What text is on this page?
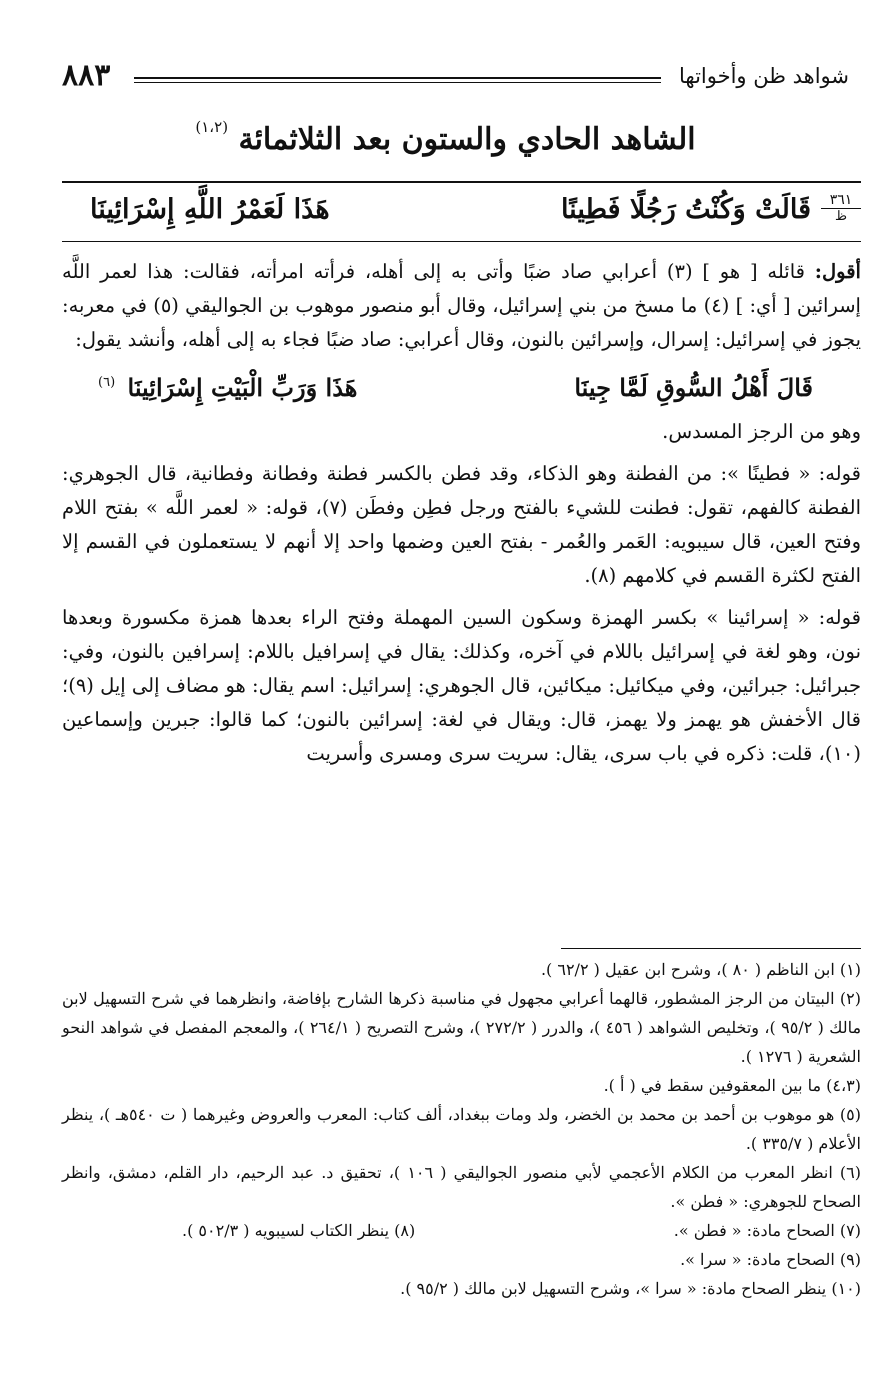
شواهد ظن وأخواتها
٨٨٣
الشاهد الحادي والستون بعد الثلاثمائة $^{(١،٢)}$
٣٦١
ظ
قَالَتْ وَكُنْتُ رَجُلًا فَطِينًا
هَذَا لَعَمْرُ اللَّهِ إِسْرَائِينَا

أقول: قائله [ هو ] (٣) أعرابي صاد ضبًا وأتى به إلى أهله، فرأته امرأته، فقالت: هذا لعمر اللَّه إسرائين [ أي: ] (٤) ما مسخ من بني إسرائيل، وقال أبو منصور موهوب بن الجواليقي (٥) في معربه: يجوز في إسرائيل: إسرال، وإسرائين بالنون، وقال أعرابي: صاد ضبًا فجاء به إلى أهله، وأنشد يقول:

قَالَ أَهْلُ السُّوقِ لَمَّا جِينَا
هَذَا وَرَبِّ الْبَيْتِ إِسْرَائِينَا $^{(٦)}$

وهو من الرجز المسدس.

قوله: « فطينًا »: من الفطنة وهو الذكاء، وقد فطن بالكسر فطنة وفطانة وفطانية، قال الجوهري: الفطنة كالفهم، تقول: فطنت للشيء بالفتح ورجل فطِن وفطَن (٧)، قوله: « لعمر اللَّه » بفتح اللام وفتح العين، قال سيبويه: العَمر والعُمر - بفتح العين وضمها واحد إلا أنهم لا يستعملون في القسم إلا الفتح لكثرة القسم في كلامهم (٨).

قوله: « إسرائينا » بكسر الهمزة وسكون السين المهملة وفتح الراء بعدها همزة مكسورة وبعدها نون، وهو لغة في إسرائيل باللام في آخره، وكذلك: يقال في إسرافيل باللام: إسرافين بالنون، وفي: جبرائيل: جبرائين، وفي ميكائيل: ميكائين، قال الجوهري: إسرائيل: اسم يقال: هو مضاف إلى إيل (٩)؛ قال الأخفش هو يهمز ولا يهمز، قال: ويقال في لغة: إسرائين بالنون؛ كما قالوا: جبرين وإسماعين (١٠)، قلت: ذكره في باب سرى، يقال: سريت سرى ومسرى وأسريت

(١) ابن الناظم ( ٨٠ )، وشرح ابن عقيل ( ٦٢/٢ ).

(٢) البيتان من الرجز المشطور، قالهما أعرابي مجهول في مناسبة ذكرها الشارح بإفاضة، وانظرهما في شرح التسهيل لابن مالك ( ٩٥/٢ )، وتخليص الشواهد ( ٤٥٦ )، والدرر ( ٢٧٢/٢ )، وشرح التصريح ( ٢٦٤/١ )، والمعجم المفصل في شواهد النحو الشعرية ( ١٢٧٦ ).

(٤،٣) ما بين المعقوفين سقط في ( أ ).

(٥) هو موهوب بن أحمد بن محمد بن الخضر، ولد ومات ببغداد، ألف كتاب: المعرب والعروض وغيرهما ( ت ٥٤٠هـ )، ينظر الأعلام ( ٣٣٥/٧ ).

(٦) انظر المعرب من الكلام الأعجمي لأبي منصور الجواليقي ( ١٠٦ )، تحقيق د. عبد الرحيم، دار القلم، دمشق، وانظر الصحاح للجوهري: « فطن ».

(٧) الصحاح مادة: « فطن ».
(٨) ينظر الكتاب لسيبويه ( ٥٠٢/٣ ).

(٩) الصحاح مادة: « سرا ».

(١٠) ينظر الصحاح مادة: « سرا »، وشرح التسهيل لابن مالك ( ٩٥/٢ ).
